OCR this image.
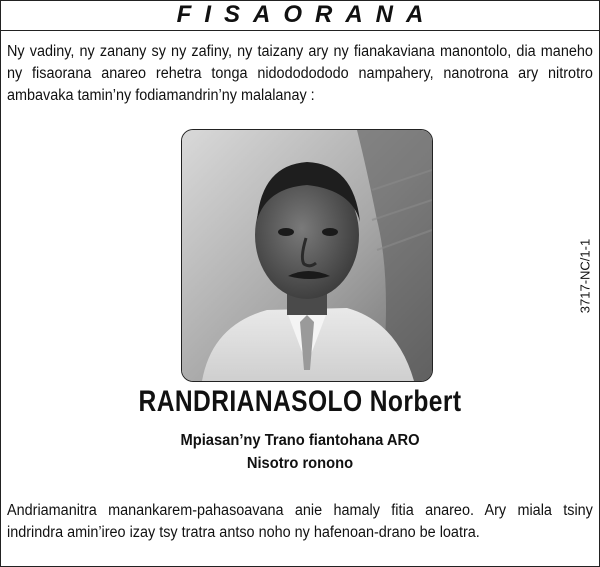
FISAORANA
Ny vadiny, ny zanany sy ny zafiny, ny taizany ary ny fianakaviana manontolo, dia maneho ny fisaorana anareo rehetra tonga nidododododo nampahery, nanotrona ary nitrotro ambavaka tamin’ny fodiamandrin’ny malalanay :
RANDRIANASOLO Norbert
Mpiasan’ny Trano fiantohana ARO
Nisotro ronono
3717-NC/1-1
Andriamanitra manankarem-pahasoavana anie hamaly fitia anareo. Ary miala tsiny indrindra amin’ireo izay tsy tratra antso noho ny hafenoan-drano be loatra.
